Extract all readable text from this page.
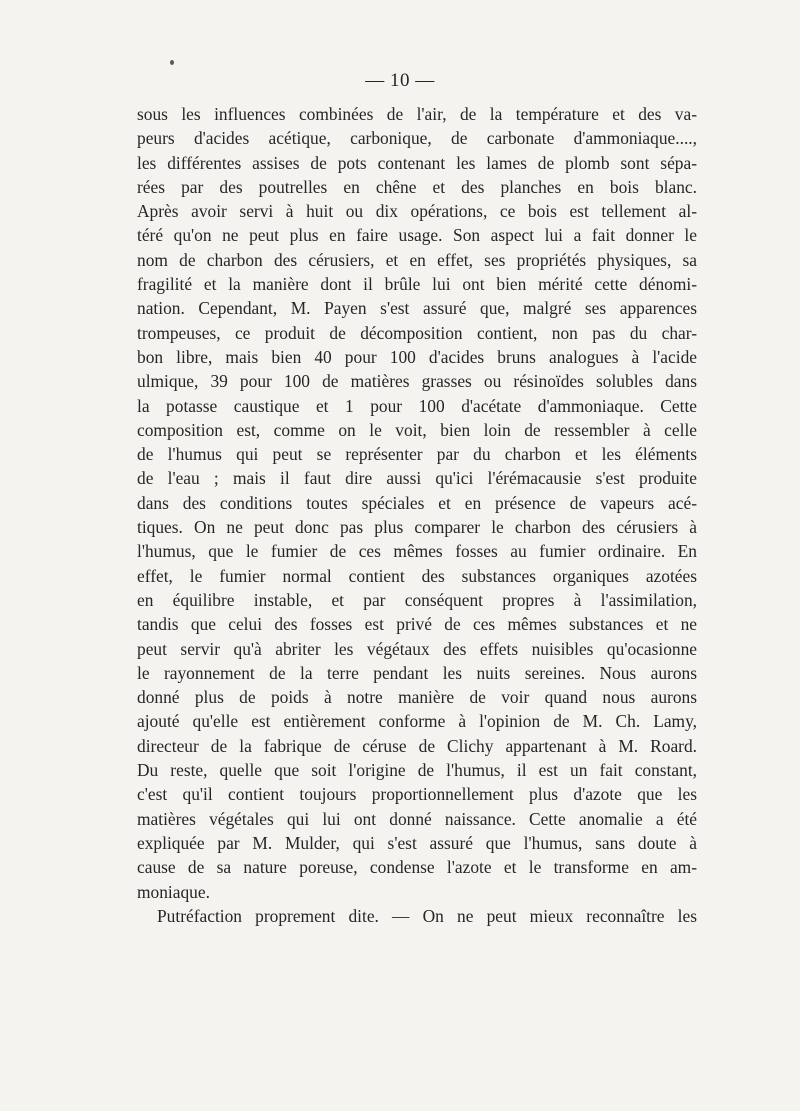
— 10 —
sous les influences combinées de l'air, de la température et des va-
peurs d'acides acétique, carbonique, de carbonate d'ammoniaque....,
les différentes assises de pots contenant les lames de plomb sont sépa-
rées par des poutrelles en chêne et des planches en bois blanc.
Après avoir servi à huit ou dix opérations, ce bois est tellement al-
téré qu'on ne peut plus en faire usage. Son aspect lui a fait donner le
nom de charbon des cérusiers, et en effet, ses propriétés physiques, sa
fragilité et la manière dont il brûle lui ont bien mérité cette dénomi-
nation. Cependant, M. Payen s'est assuré que, malgré ses apparences
trompeuses, ce produit de décomposition contient, non pas du char-
bon libre, mais bien 40 pour 100 d'acides bruns analogues à l'acide
ulmique, 39 pour 100 de matières grasses ou résinoïdes solubles dans
la potasse caustique et 1 pour 100 d'acétate d'ammoniaque. Cette
composition est, comme on le voit, bien loin de ressembler à celle
de l'humus qui peut se représenter par du charbon et les éléments
de l'eau ; mais il faut dire aussi qu'ici l'érémacausie s'est produite
dans des conditions toutes spéciales et en présence de vapeurs acé-
tiques. On ne peut donc pas plus comparer le charbon des cérusiers à
l'humus, que le fumier de ces mêmes fosses au fumier ordinaire. En
effet, le fumier normal contient des substances organiques azotées
en équilibre instable, et par conséquent propres à l'assimilation,
tandis que celui des fosses est privé de ces mêmes substances et ne
peut servir qu'à abriter les végétaux des effets nuisibles qu'ocasionne
le rayonnement de la terre pendant les nuits sereines. Nous aurons
donné plus de poids à notre manière de voir quand nous aurons
ajouté qu'elle est entièrement conforme à l'opinion de M. Ch. Lamy,
directeur de la fabrique de céruse de Clichy appartenant à M. Roard.
Du reste, quelle que soit l'origine de l'humus, il est un fait constant,
c'est qu'il contient toujours proportionnellement plus d'azote que les
matières végétales qui lui ont donné naissance. Cette anomalie a été
expliquée par M. Mulder, qui s'est assuré que l'humus, sans doute à
cause de sa nature poreuse, condense l'azote et le transforme en am-
moniaque.
Putréfaction proprement dite. — On ne peut mieux reconnaître les
